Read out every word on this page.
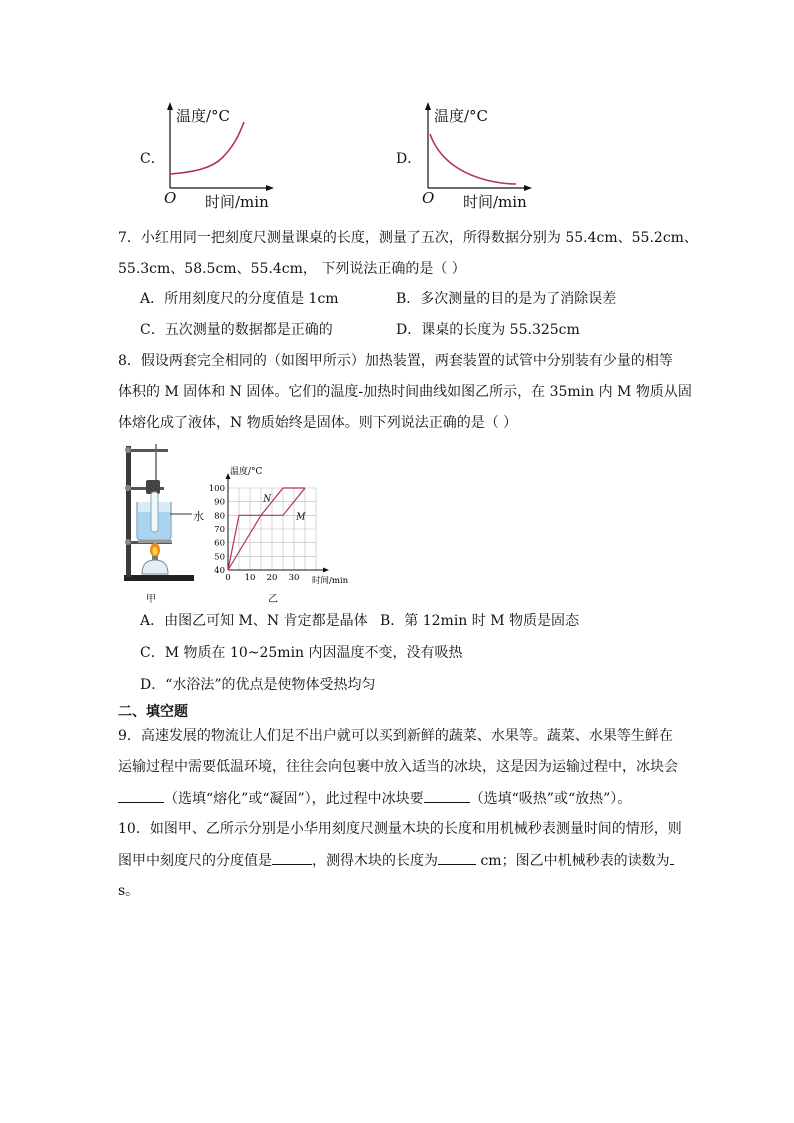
C．
温度/°C
O 时间/min
D．
温度/°C
O 时间/min
7．小红用同一把刻度尺测量课桌的长度，测量了五次，所得数据分别为 55.4cm、55.2cm、
55.3cm、58.5cm、55.4cm， 下列说法正确的是（ ）
A．所用刻度尺的分度值是 1cm	B．多次测量的目的是为了消除误差
C．五次测量的数据都是正确的	D．课桌的长度为 55.325cm
8．假设两套完全相同的（如图甲所示）加热装置，两套装置的试管中分别装有少量的相等
体积的 M 固体和 N 固体。它们的温度-加热时间曲线如图乙所示，在 35min 内 M 物质从固
体熔化成了液体，N 物质始终是固体。则下列说法正确的是（ ）
水
甲
40
50
60
70
80
90
100
0 10 20 30
N
M
温度/°C
时间/min
乙
A．由图乙可知 M、N 肯定都是晶体 B．第 12min 时 M 物质是固态
C．M 物质在 10~25min 内因温度不变，没有吸热
D．“水浴法”的优点是使物体受热均匀
二、填空题
9．高速发展的物流让人们足不出户就可以买到新鲜的蔬菜、水果等。蔬菜、水果等生鲜在
运输过程中需要低温环境，往往会向包裹中放入适当的冰块，这是因为运输过程中，冰块会
（选填“熔化”或“凝固”），此过程中冰块要	（选填“吸热”或“放热”）。
10．如图甲、乙所示分别是小华用刻度尺测量木块的长度和用机械秒表测量时间的情形，则
图甲中刻度尺的分度值是	，测得木块的长度为	cm；图乙中机械秒表的读数为
s。
